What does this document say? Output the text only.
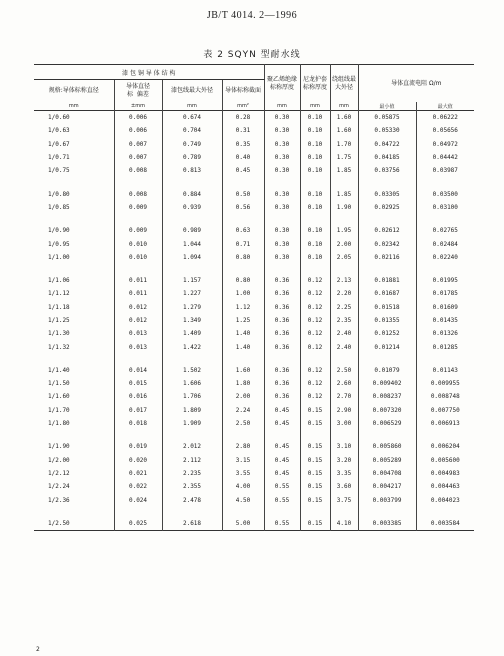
JB/T 4014. 2—1996
表 2 SQYN 型耐水线
漆 包 铜 导 体 结 构				聚乙烯绝缘标称厚度	尼龙护套标称厚度	绕组线最大外径	导体直流电阻 Ω/m	
规格:导体标称直径	导体直径
标 偏差	漆包线最大外径	导体标称截面					
mm	±mm	mm	mm²	mm	mm	mm	最小值	最大值
1/0.60	0.006	0.674	0.28	0.30	0.10	1.60	0.05875	0.06222
1/0.63	0.006	0.704	0.31	0.30	0.10	1.60	0.05330	0.05656
1/0.67	0.007	0.749	0.35	0.30	0.10	1.70	0.04722	0.04972
1/0.71	0.007	0.789	0.40	0.30	0.10	1.75	0.04185	0.04442
1/0.75	0.008	0.813	0.45	0.30	0.10	1.85	0.03756	0.03987

1/0.80	0.008	0.884	0.50	0.30	0.10	1.85	0.03305	0.03500
1/0.85	0.009	0.939	0.56	0.30	0.10	1.90	0.02925	0.03100

1/0.90	0.009	0.989	0.63	0.30	0.10	1.95	0.02612	0.02765
1/0.95	0.010	1.044	0.71	0.30	0.10	2.00	0.02342	0.02484
1/1.00	0.010	1.094	0.80	0.30	0.10	2.05	0.02116	0.02240

1/1.06	0.011	1.157	0.80	0.36	0.12	2.13	0.01881	0.01995
1/1.12	0.011	1.227	1.00	0.36	0.12	2.20	0.01687	0.01785
1/1.18	0.012	1.279	1.12	0.36	0.12	2.25	0.01518	0.01609
1/1.25	0.012	1.349	1.25	0.36	0.12	2.35	0.01355	0.01435
1/1.30	0.013	1.409	1.40	0.36	0.12	2.40	0.01252	0.01326
1/1.32	0.013	1.422	1.40	0.36	0.12	2.40	0.01214	0.01285

1/1.40	0.014	1.502	1.60	0.36	0.12	2.50	0.01079	0.01143
1/1.50	0.015	1.606	1.80	0.36	0.12	2.60	0.009402	0.009955
1/1.60	0.016	1.706	2.00	0.36	0.12	2.70	0.008237	0.008748
1/1.70	0.017	1.809	2.24	0.45	0.15	2.90	0.007320	0.007750
1/1.80	0.018	1.909	2.50	0.45	0.15	3.00	0.006529	0.006913

1/1.90	0.019	2.012	2.80	0.45	0.15	3.10	0.005860	0.006204
1/2.00	0.020	2.112	3.15	0.45	0.15	3.20	0.005289	0.005600
1/2.12	0.021	2.235	3.55	0.45	0.15	3.35	0.004708	0.004983
1/2.24	0.022	2.355	4.00	0.55	0.15	3.60	0.004217	0.004463
1/2.36	0.024	2.478	4.50	0.55	0.15	3.75	0.003799	0.004023

1/2.50	0.025	2.618	5.00	0.55	0.15	4.10	0.003385	0.003584
2
